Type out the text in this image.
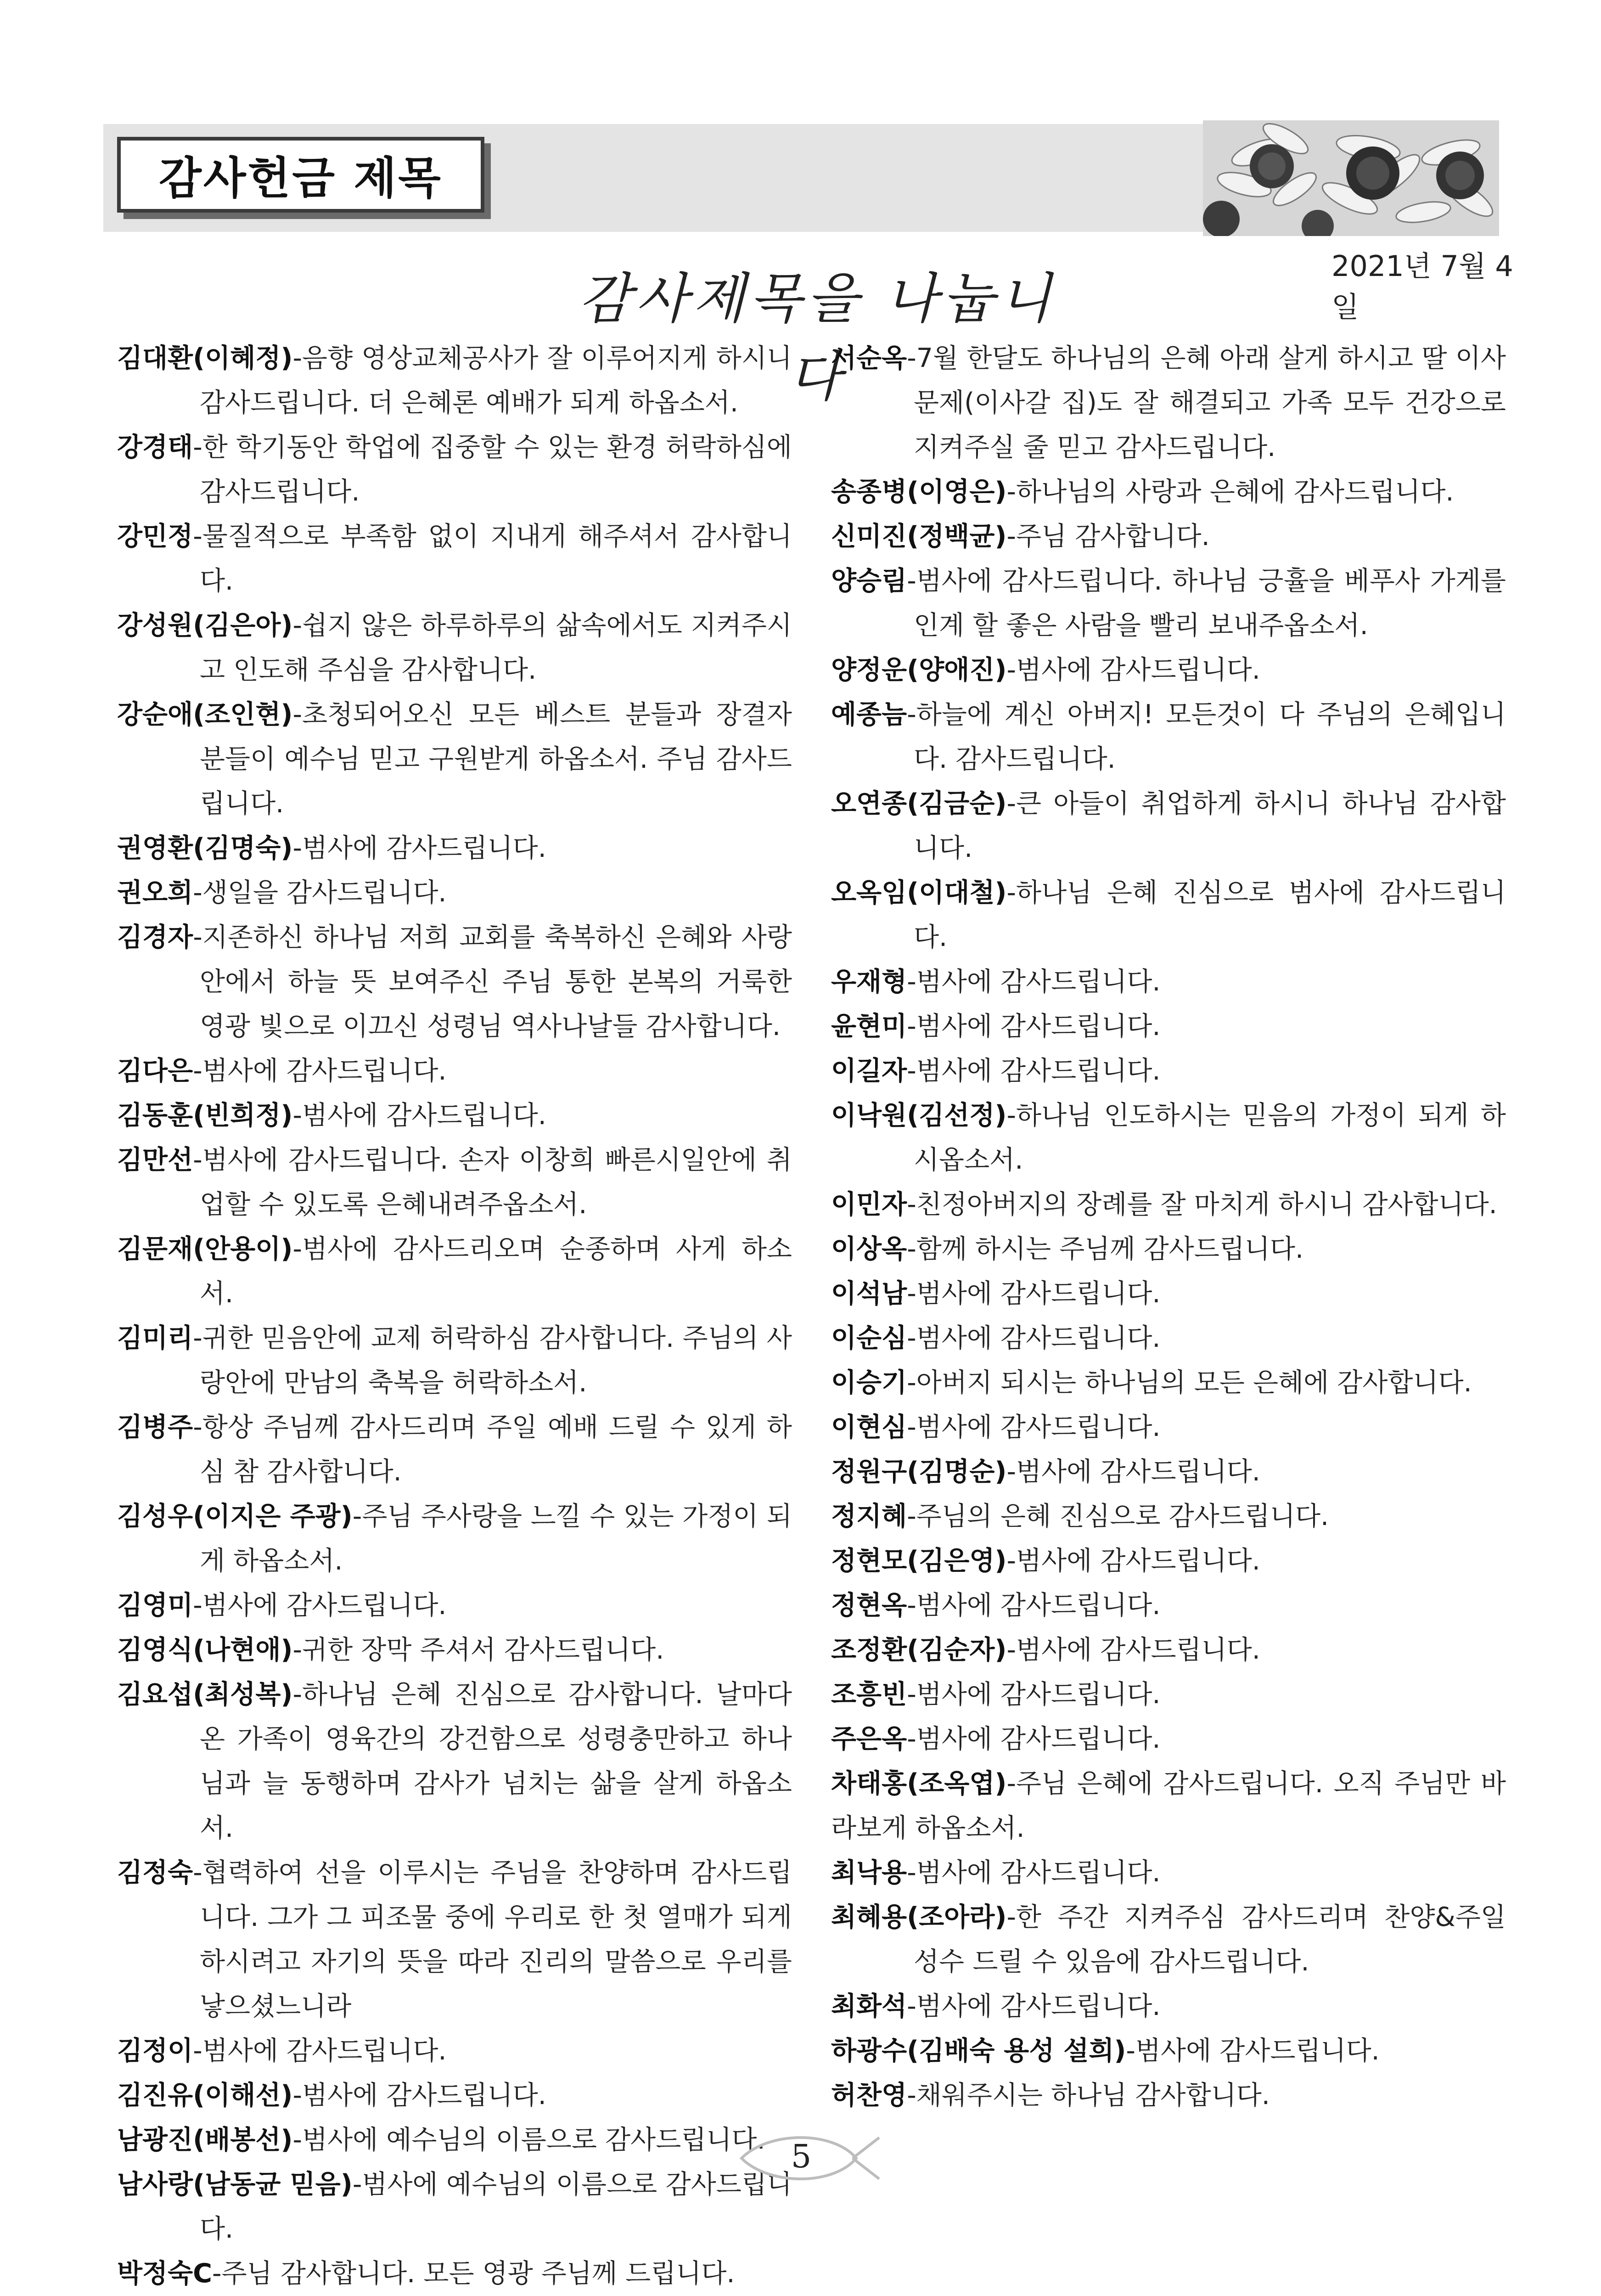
감사헌금 제목
2021년 7월 4일
감사제목을 나눕니다
김대환(이혜정)-음향 영상교체공사가 잘 이루어지게 하시니 감사드립니다. 더 은혜론 예배가 되게 하옵소서.
강경태-한 학기동안 학업에 집중할 수 있는 환경 허락하심에 감사드립니다.
강민정-물질적으로 부족함 없이 지내게 해주셔서 감사합니다.
강성원(김은아)-쉽지 않은 하루하루의 삶속에서도 지켜주시고 인도해 주심을 감사합니다.
강순애(조인현)-초청되어오신 모든 베스트 분들과 장결자 분들이 예수님 믿고 구원받게 하옵소서. 주님 감사드립니다.
권영환(김명숙)-범사에 감사드립니다.
권오희-생일을 감사드립니다.
김경자-지존하신 하나님 저희 교회를 축복하신 은혜와 사랑안에서 하늘 뜻 보여주신 주님 통한 본복의 거룩한 영광 빛으로 이끄신 성령님 역사나날들 감사합니다.
김다은-범사에 감사드립니다.
김동훈(빈희정)-범사에 감사드립니다.
김만선-범사에 감사드립니다. 손자 이창희 빠른시일안에 취업할 수 있도록 은혜내려주옵소서.
김문재(안용이)-범사에 감사드리오며 순종하며 사게 하소서.
김미리-귀한 믿음안에 교제 허락하심 감사합니다. 주님의 사랑안에 만남의 축복을 허락하소서.
김병주-항상 주님께 감사드리며 주일 예배 드릴 수 있게 하심 참 감사합니다.
김성우(이지은 주광)-주님 주사랑을 느낄 수 있는 가정이 되게 하옵소서.
김영미-범사에 감사드립니다.
김영식(나현애)-귀한 장막 주셔서 감사드립니다.
김요섭(최성복)-하나님 은혜 진심으로 감사합니다. 날마다 온 가족이 영육간의 강건함으로 성령충만하고 하나님과 늘 동행하며 감사가 넘치는 삶을 살게 하옵소서.
김정숙-협력하여 선을 이루시는 주님을 찬양하며 감사드립니다. 그가 그 피조물 중에 우리로 한 첫 열매가 되게 하시려고 자기의 뜻을 따라 진리의 말씀으로 우리를 낳으셨느니라
김정이-범사에 감사드립니다.
김진유(이해선)-범사에 감사드립니다.
남광진(배봉선)-범사에 예수님의 이름으로 감사드립니다.
남사랑(남동균 믿음)-범사에 예수님의 이름으로 감사드립니다.
박정숙C-주님 감사합니다. 모든 영광 주님께 드립니다.
서순옥-7월 한달도 하나님의 은혜 아래 살게 하시고 딸 이사 문제(이사갈 집)도 잘 해결되고 가족 모두 건강으로 지켜주실 줄 믿고 감사드립니다.
송종병(이영은)-하나님의 사랑과 은혜에 감사드립니다.
신미진(정백균)-주님 감사합니다.
양승림-범사에 감사드립니다. 하나님 긍휼을 베푸사 가게를 인계 할 좋은 사람을 빨리 보내주옵소서.
양정운(양애진)-범사에 감사드립니다.
예종늠-하늘에 계신 아버지! 모든것이 다 주님의 은혜입니다. 감사드립니다.
오연종(김금순)-큰 아들이 취업하게 하시니 하나님 감사합니다.
오옥임(이대철)-하나님 은혜 진심으로 범사에 감사드립니다.
우재형-범사에 감사드립니다.
윤현미-범사에 감사드립니다.
이길자-범사에 감사드립니다.
이낙원(김선정)-하나님 인도하시는 믿음의 가정이 되게 하시옵소서.
이민자-친정아버지의 장례를 잘 마치게 하시니 감사합니다.
이상옥-함께 하시는 주님께 감사드립니다.
이석남-범사에 감사드립니다.
이순심-범사에 감사드립니다.
이승기-아버지 되시는 하나님의 모든 은혜에 감사합니다.
이현심-범사에 감사드립니다.
정원구(김명순)-범사에 감사드립니다.
정지혜-주님의 은혜 진심으로 감사드립니다.
정현모(김은영)-범사에 감사드립니다.
정현옥-범사에 감사드립니다.
조정환(김순자)-범사에 감사드립니다.
조흥빈-범사에 감사드립니다.
주은옥-범사에 감사드립니다.
차태홍(조옥엽)-주님 은혜에 감사드립니다. 오직 주님만 바라보게 하옵소서.
최낙용-범사에 감사드립니다.
최혜용(조아라)-한 주간 지켜주심 감사드리며 찬양&주일 성수 드릴 수 있음에 감사드립니다.
최화석-범사에 감사드립니다.
하광수(김배숙 용성 설희)-범사에 감사드립니다.
허찬영-채워주시는 하나님 감사합니다.
5
